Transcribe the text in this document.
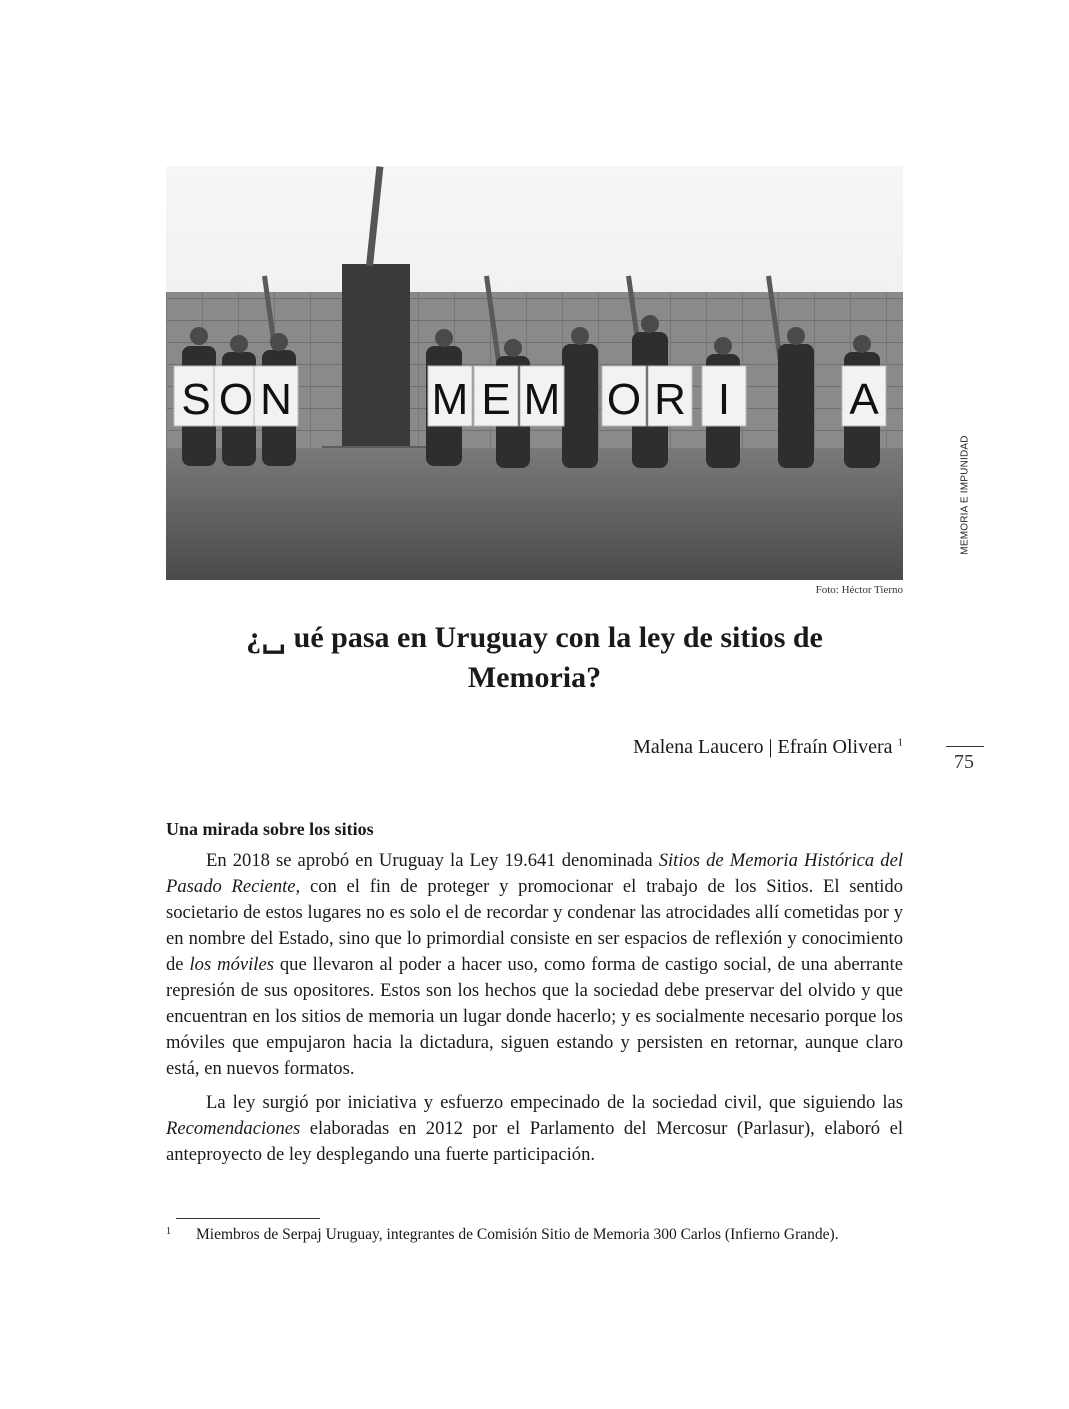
S O N	M E M O R I	A
Foto: Héctor Tierno
MEMORIA E IMPUNIDAD
¿␣ ué pasa en Uruguay con la ley de sitios de
Memoria?
Malena Laucero | Efraín Olivera $^1$
75
Una mirada sobre los sitios

En 2018 se aprobó en Uruguay la Ley 19.641 denominada Sitios de Memoria Histórica del Pasado Reciente, con el fin de proteger y promocionar el trabajo de los Sitios. El sentido societario de estos lugares no es solo el de recordar y condenar las atrocidades allí cometidas por y en nombre del Estado, sino que lo primordial consiste en ser espacios de reflexión y conocimiento de los móviles que llevaron al poder a hacer uso, como forma de castigo social, de una aberrante represión de sus opositores. Estos son los hechos que la sociedad debe preservar del olvido y que encuentran en los sitios de memoria un lugar donde hacerlo; y es socialmente necesario porque los móviles que empujaron hacia la dictadura, siguen estando y persisten en retornar, aunque claro está, en nuevos formatos.

La ley surgió por iniciativa y esfuerzo empecinado de la sociedad civil, que siguiendo las Recomendaciones elaboradas en 2012 por el Parlamento del Mercosur (Parlasur), elaboró el anteproyecto de ley desplegando una fuerte participación.

1 Miembros de Serpaj Uruguay, integrantes de Comisión Sitio de Memoria 300 Carlos (Infierno Grande).
